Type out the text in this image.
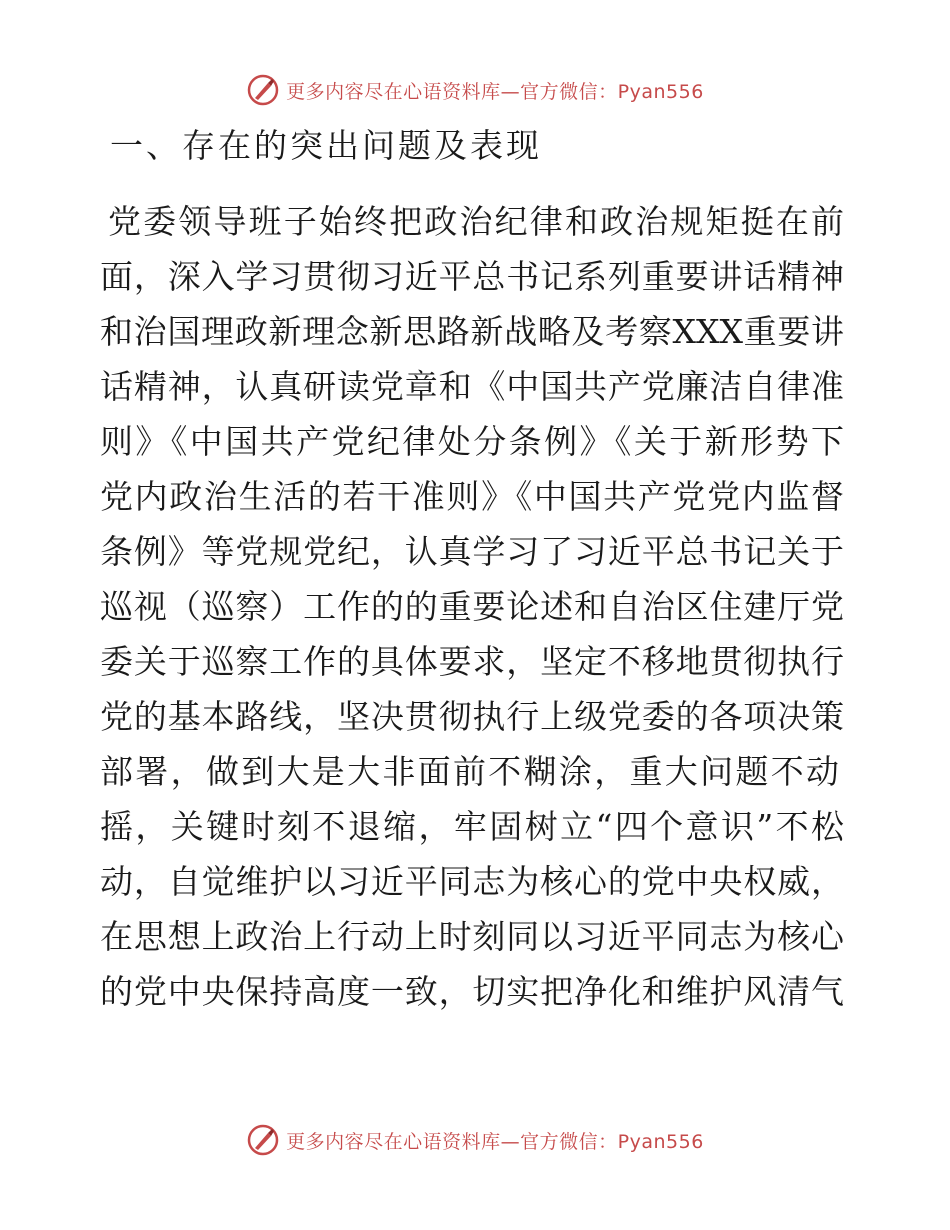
更多内容尽在心语资料库—官方微信：Pyan556
一、存在的突出问题及表现
党委领导班子始终把政治纪律和政治规矩挺在前
面，深入学习贯彻习近平总书记系列重要讲话精神
和治国理政新理念新思路新战略及考察XXX重要讲
话精神，认真研读党章和《中国共产党廉洁自律准
则》《中国共产党纪律处分条例》《关于新形势下
党内政治生活的若干准则》《中国共产党党内监督
条例》等党规党纪，认真学习了习近平总书记关于
巡视（巡察）工作的的重要论述和自治区住建厅党
委关于巡察工作的具体要求，坚定不移地贯彻执行
党的基本路线，坚决贯彻执行上级党委的各项决策
部署，做到大是大非面前不糊涂，重大问题不动
摇，关键时刻不退缩，牢固树立“四个意识”不松
动，自觉维护以习近平同志为核心的党中央权威，
在思想上政治上行动上时刻同以习近平同志为核心
的党中央保持高度一致，切实把净化和维护风清气
更多内容尽在心语资料库—官方微信：Pyan556
